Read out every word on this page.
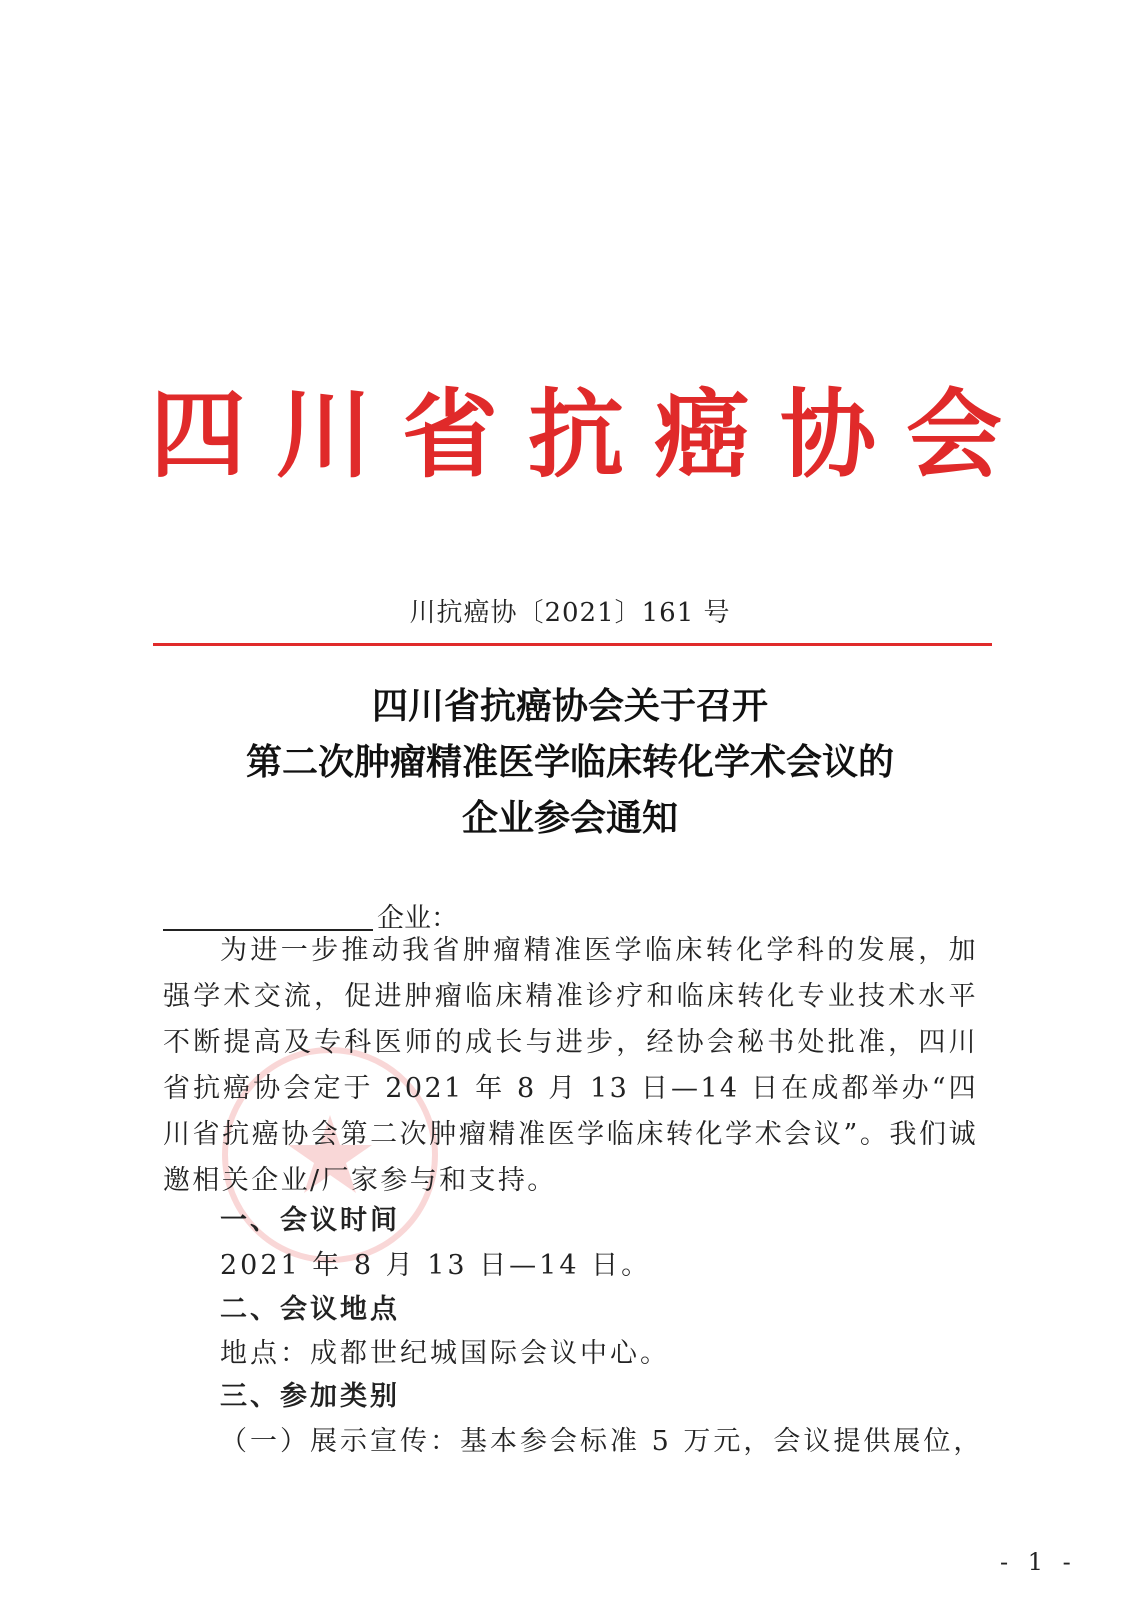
四川省抗癌协会
川抗癌协〔2021〕161 号
四川省抗癌协会关于召开
第二次肿瘤精准医学临床转化学术会议的
企业参会通知
企业：

为进一步推动我省肿瘤精准医学临床转化学科的发展，加强学术交流，促进肿瘤临床精准诊疗和临床转化专业技术水平不断提高及专科医师的成长与进步，经协会秘书处批准，四川省抗癌协会定于 2021 年 8 月 13 日—14 日在成都举办“四川省抗癌协会第二次肿瘤精准医学临床转化学术会议”。我们诚邀相关企业/厂家参与和支持。

一、会议时间
2021 年 8 月 13 日—14 日。
二、会议地点
地点：成都世纪城国际会议中心。
三、参加类别
（一）展示宣传：基本参会标准 5 万元，会议提供展位，
- 1 -
